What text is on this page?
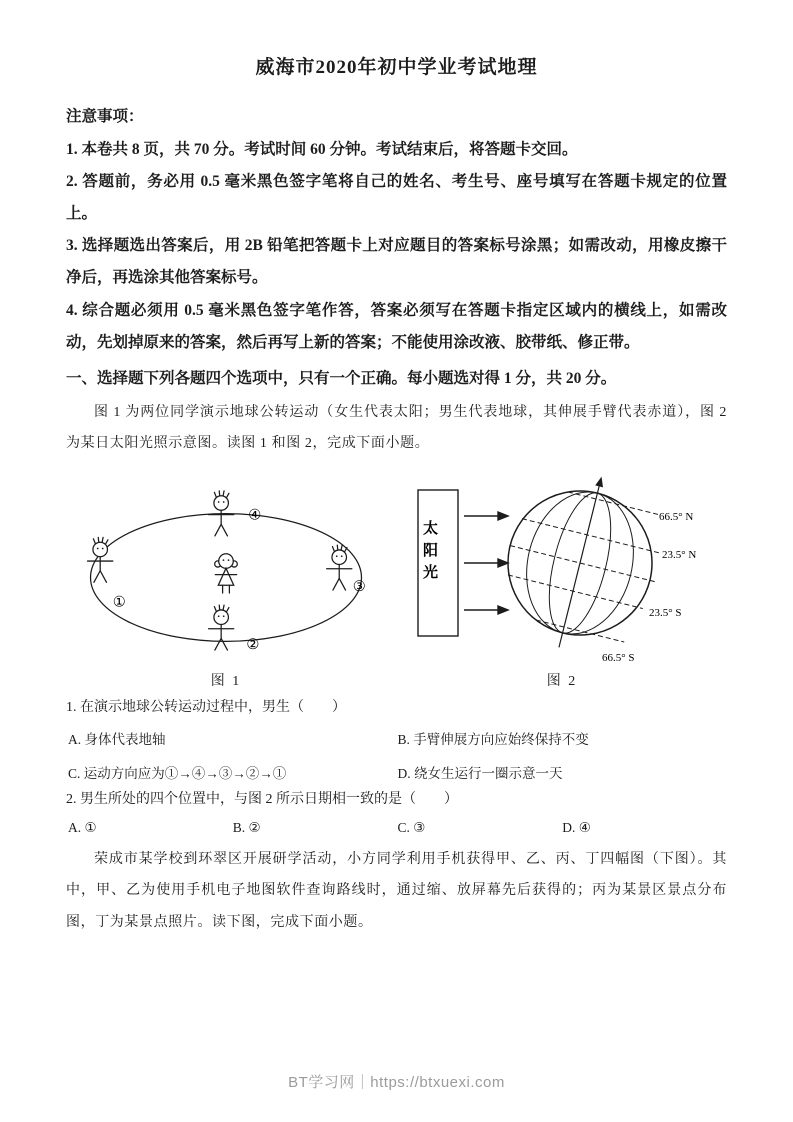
威海市2020年初中学业考试地理

注意事项：

1. 本卷共 8 页，共 70 分。考试时间 60 分钟。考试结束后，将答题卡交回。

2. 答题前，务必用 0.5 毫米黑色签字笔将自己的姓名、考生号、座号填写在答题卡规定的位置上。

3. 选择题选出答案后，用 2B 铅笔把答题卡上对应题目的答案标号涂黑；如需改动，用橡皮擦干净后，再选涂其他答案标号。

4. 综合题必须用 0.5 毫米黑色签字笔作答，答案必须写在答题卡指定区域内的横线上，如需改动，先划掉原来的答案，然后再写上新的答案；不能使用涂改液、胶带纸、修正带。

一、选择题下列各题四个选项中，只有一个正确。每小题选对得 1 分，共 20 分。

图 1 为两位同学演示地球公转运动（女生代表太阳；男生代表地球，其伸展手臂代表赤道），图 2 为某日太阳光照示意图。读图 1 和图 2，完成下面小题。

④
①
③
②
图 1
太阳光
66.5° N
23.5° N
23.5° S
66.5° S
图 2

1. 在演示地球公转运动过程中，男生（　　）

A. 身体代表地轴	B. 手臂伸展方向应始终保持不变
C. 运动方向应为①→④→③→②→①	D. 绕女生运行一圈示意一天

2. 男生所处的四个位置中，与图 2 所示日期相一致的是（　　）

A. ①	B. ②	C. ③	D. ④

荣成市某学校到环翠区开展研学活动，小方同学利用手机获得甲、乙、丙、丁四幅图（下图）。其中，甲、乙为使用手机电子地图软件查询路线时，通过缩、放屏幕先后获得的；丙为某景区景点分布图，丁为某景点照片。读下图，完成下面小题。

BT学习网｜https://btxuexi.com
